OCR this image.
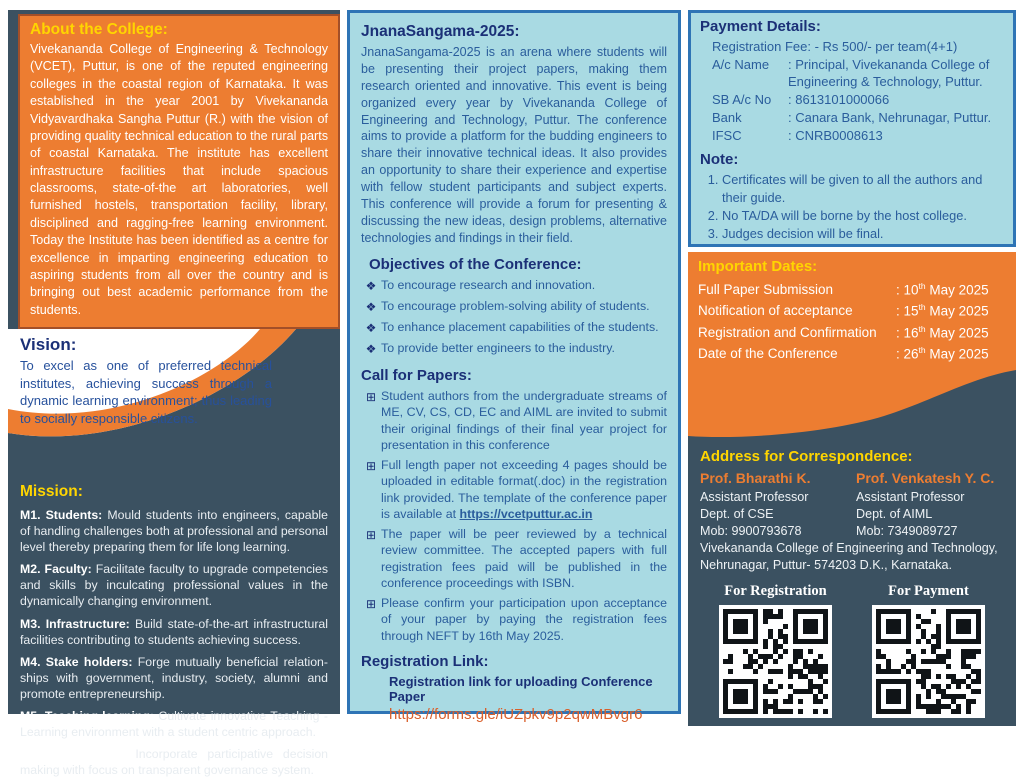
About the College:

Vivekananda College of Engineering & Technology (VCET), Puttur, is one of the reputed engineering colleges in the coastal region of Karnataka. It was established in the year 2001 by Vivekananda Vidyavardhaka Sangha Puttur (R.) with the vision of providing quality technical education to the rural parts of coastal Karnataka. The institute has excellent infrastructure facilities that include spacious classrooms, state-of-the art laboratories, well furnished hostels, transportation facility, library, disciplined and ragging-free learning environment. Today the Institute has been identified as a centre for excellence in imparting engineering education to aspiring students from all over the country and is bringing out best academic performance from the students.

Vision:

To excel as one of preferred technical institutes, achieving success through a dynamic learning environment; thus leading to socially responsible citizens.

Mission:

M1. Students: Mould students into engineers, capable of handling challenges both at professional and personal level thereby preparing them for life long learning.

M2. Faculty: Facilitate faculty to upgrade competencies and skills by inculcating professional values in the dynamically changing environment.

M3. Infrastructure: Build state-of-the-art infrastructural facilities contributing to students achieving success.

M4. Stake holders: Forge mutually beneficial relation-ships with government, industry, society, alumni and promote entrepreneurship.

M5. Teaching-learning: Cultivate innovative Teaching - Learning environment with a student centric approach.

M6. Governance: Incorporate participative decision making with focus on transparent governance system.

JnanaSangama-2025:

JnanaSangama-2025 is an arena where students will be presenting their project papers, making them research oriented and innovative. This event is being organized every year by Vivekananda College of Engineering and Technology, Puttur. The conference aims to provide a platform for the budding engineers to share their innovative technical ideas. It also provides an opportunity to share their experience and expertise with fellow student participants and subject experts. This conference will provide a forum for presenting & discussing the new ideas, design problems, alternative technologies and findings in their field.

Objectives of the Conference:
❖ To encourage research and innovation.
❖ To encourage problem-solving ability of students.
❖ To enhance placement capabilities of the students.
❖ To provide better engineers to the industry.
Call for Papers:
⊞ Student authors from the undergraduate streams of ME, CV, CS, CD, EC and AIML are invited to submit their original findings of their final year project for presentation in this conference
⊞ Full length paper not exceeding 4 pages should be uploaded in editable format(.doc) in the registration link provided. The template of the conference paper is available at https://vcetputtur.ac.in
⊞ The paper will be peer reviewed by a technical review committee. The accepted papers with full registration fees paid will be published in the conference proceedings with ISBN.
⊞ Please confirm your participation upon acceptance of your paper by paying the registration fees through NEFT by 16th May 2025.
Registration Link:

Registration link for uploading Conference Paper

https://forms.gle/iUZpkv9p2qwMBvgr6

Payment Details:

Registration Fee: - Rs 500/- per team(4+1)

A/c Name	: Principal, Vivekananda College of Engineering & Technology, Puttur.
SB A/c No	: 8613101000066
Bank	: Canara Bank, Nehrunagar, Puttur.
IFSC	: CNRB0008613
Note:
1. Certificates will be given to all the authors and their guide.
2. No TA/DA will be borne by the host college.
3. Judges decision will be final.
Important Dates:
Full Paper Submission	: 10th May 2025
Notification of acceptance	: 15th May 2025
Registration and Confirmation	: 16th May 2025
Date of the Conference	: 26th May 2025
Address for Correspondence:

Prof. Bharathi K.

Assistant Professor

Dept. of CSE

Mob: 9900793678

Prof. Venkatesh Y. C.

Assistant Professor

Dept. of AIML

Mob: 7349089727

Vivekananda College of Engineering and Technology,

Nehrunagar, Puttur- 574203 D.K., Karnataka.

For Registration	For Payment
